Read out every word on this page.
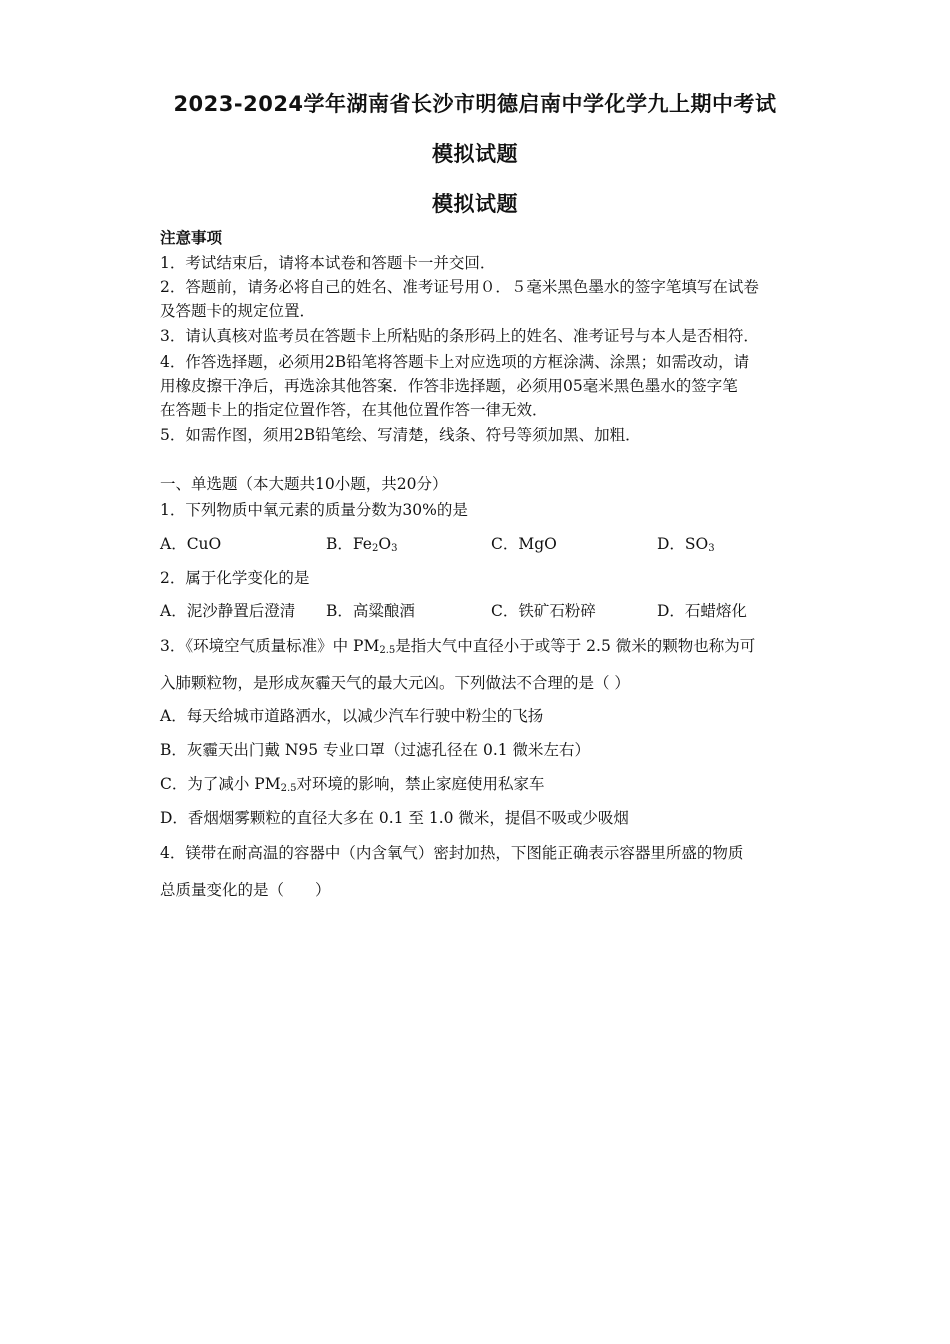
2023-2024学年湖南省长沙市明德启南中学化学九上期中考试
模拟试题
模拟试题
注意事项
1．考试结束后，请将本试卷和答题卡一并交回．
2．答题前，请务必将自己的姓名、准考证号用０．５毫米黑色墨水的签字笔填写在试卷
及答题卡的规定位置．
3．请认真核对监考员在答题卡上所粘贴的条形码上的姓名、准考证号与本人是否相符．
4．作答选择题，必须用2B铅笔将答题卡上对应选项的方框涂满、涂黑；如需改动，请
用橡皮擦干净后，再选涂其他答案．作答非选择题，必须用05毫米黑色墨水的签字笔
在答题卡上的指定位置作答，在其他位置作答一律无效．
5．如需作图，须用2B铅笔绘、写清楚，线条、符号等须加黑、加粗．
一、单选题（本大题共10小题，共20分）
1．下列物质中氧元素的质量分数为30%的是
A．CuO	B．$Fe_2O_3$	C．MgO	D．$SO_3$
2．属于化学变化的是
A．泥沙静置后澄清 B．高粱酿酒	C．铁矿石粉碎	D．石蜡熔化
3．《环境空气质量标准》中 $PM_{2.5}$是指大气中直径小于或等于 2.5 微米的颗物也称为可
入肺颗粒物，是形成灰霾天气的最大元凶。下列做法不合理的是（ ）
A．每天给城市道路洒水，以减少汽车行驶中粉尘的飞扬
B．灰霾天出门戴 N95 专业口罩（过滤孔径在 0.1 微米左右）
C．为了减小 $PM_{2.5}$对环境的影响，禁止家庭使用私家车
D．香烟烟雾颗粒的直径大多在 0.1 至 1.0 微米，提倡不吸或少吸烟
4．镁带在耐高温的容器中（内含氧气）密封加热，下图能正确表示容器里所盛的物质
总质量变化的是（　　）
